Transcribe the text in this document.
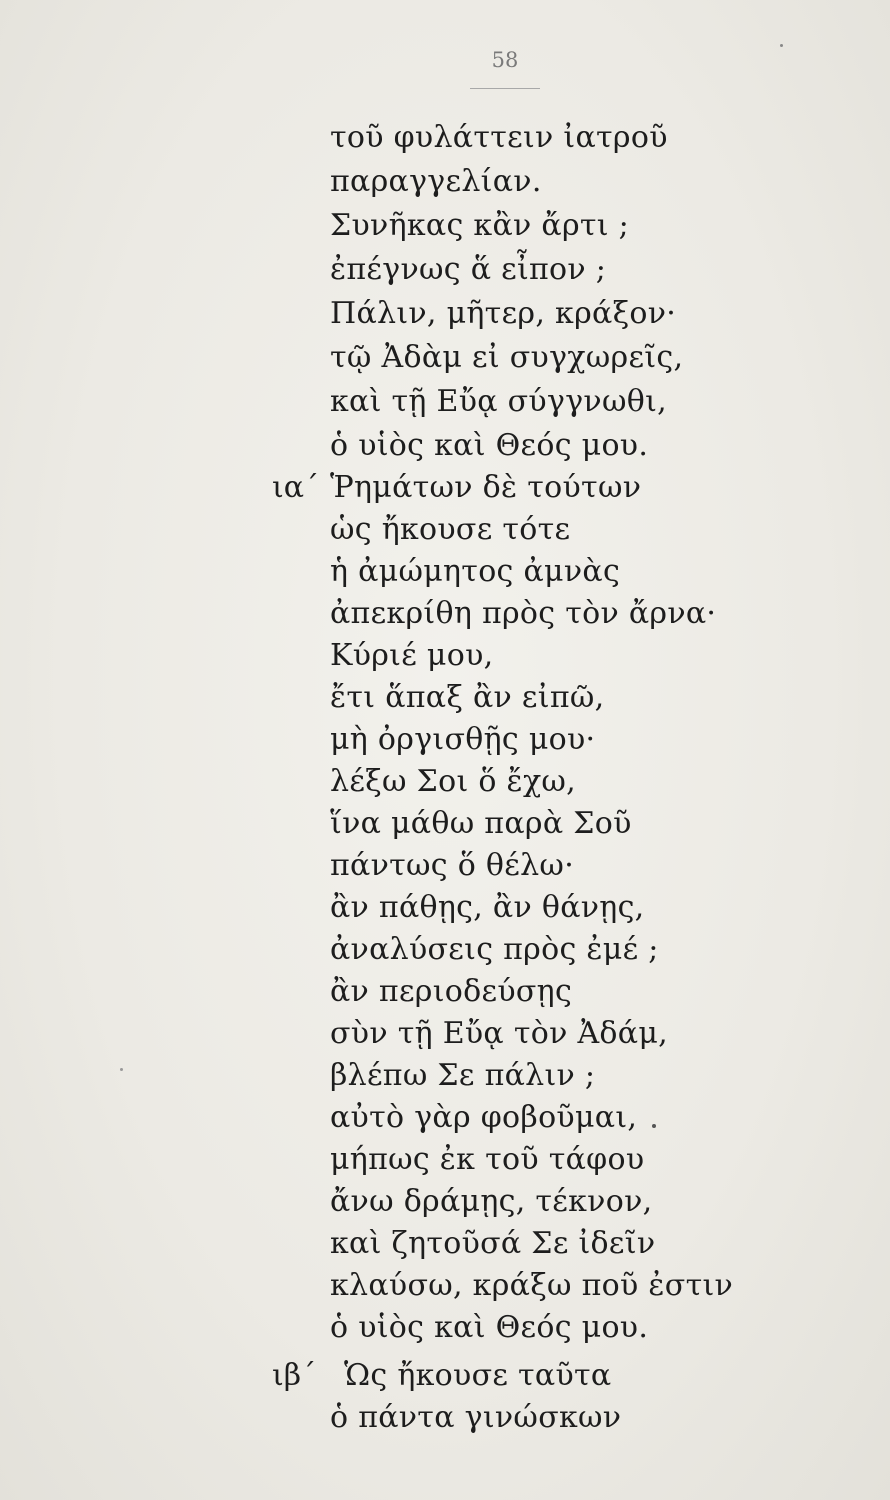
58
τοῦ φυλάττειν ἰατροῦ
παραγγελίαν.
Συνῆκας κἂν ἄρτι ;
ἐπέγνως ἅ εἶπον ;
Πάλιν, μῆτερ, κράξον·
τῷ Ἀδὰμ εἰ συγχωρεῖς,
καὶ τῇ Εὔᾳ σύγγνωθι,
ὁ υἱὸς καὶ Θεός μου.
ια΄ Ῥημάτων δὲ τούτων
ὡς ἤκουσε τότε
ἡ ἀμώμητος ἀμνὰς
ἀπεκρίθη πρὸς τὸν ἄρνα·
Κύριέ μου,
ἔτι ἅπαξ ἂν εἰπῶ,
μὴ ὀργισθῇς μου·
λέξω Σοι ὅ ἔχω,
ἵνα μάθω παρὰ Σοῦ
πάντως ὅ θέλω·
ἂν πάθῃς, ἂν θάνῃς,
ἀναλύσεις πρὸς ἐμέ ;
ἂν περιοδεύσῃς
σὺν τῇ Εὔᾳ τὸν Ἀδάμ,
βλέπω Σε πάλιν ;
αὐτὸ γὰρ φοβοῦμαι,
μήπως ἐκ τοῦ τάφου
ἄνω δράμῃς, τέκνον,
καὶ ζητοῦσά Σε ἰδεῖν
κλαύσω, κράξω ποῦ ἐστιν
ὁ υἱὸς καὶ Θεός μου.
ιβ΄ Ὡς ἤκουσε ταῦτα
ὁ πάντα γινώσκων
